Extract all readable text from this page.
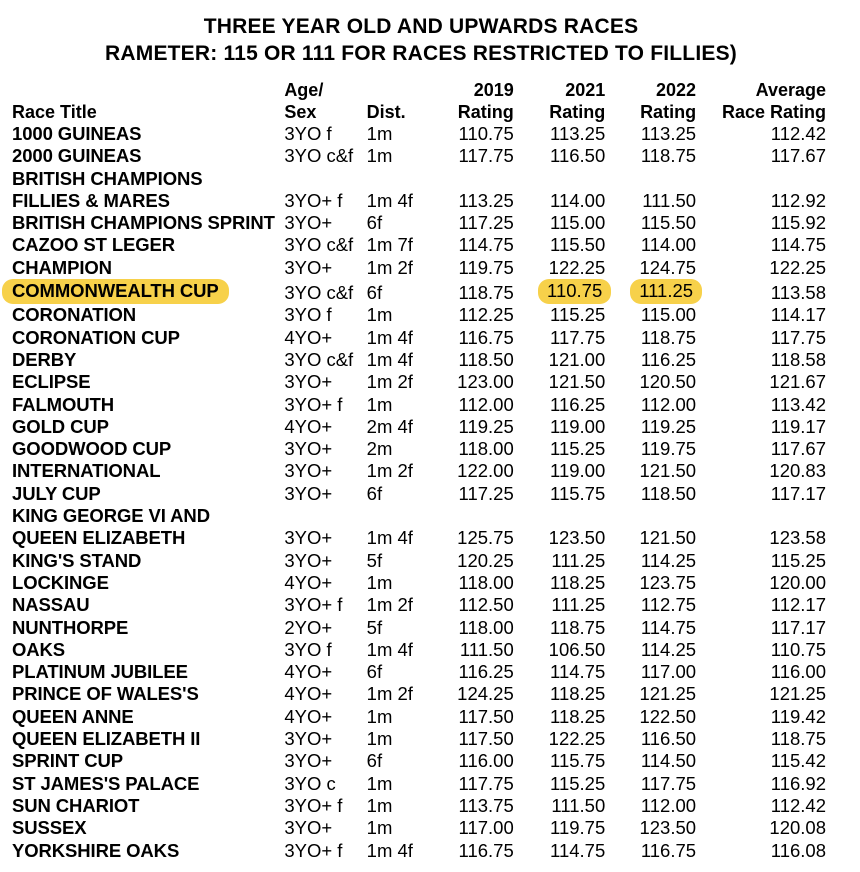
THREE YEAR OLD AND UPWARDS RACES
RAMETER: 115 OR 111 FOR RACES RESTRICTED TO FILLIES)
	Age/		2019	2021	2022	Average
Race Title	Sex	Dist.	Rating	Rating	Rating	Race Rating
1000 GUINEAS	3YO f	1m	110.75	113.25	113.25	112.42
2000 GUINEAS	3YO c&f	1m	117.75	116.50	118.75	117.67
BRITISH CHAMPIONS						
FILLIES & MARES	3YO+ f	1m 4f	113.25	114.00	111.50	112.92
BRITISH CHAMPIONS SPRINT	3YO+	6f	117.25	115.00	115.50	115.92
CAZOO ST LEGER	3YO c&f	1m 7f	114.75	115.50	114.00	114.75
CHAMPION	3YO+	1m 2f	119.75	122.25	124.75	122.25
COMMONWEALTH CUP	3YO c&f	6f	118.75	110.75	111.25	113.58
CORONATION	3YO f	1m	112.25	115.25	115.00	114.17
CORONATION CUP	4YO+	1m 4f	116.75	117.75	118.75	117.75
DERBY	3YO c&f	1m 4f	118.50	121.00	116.25	118.58
ECLIPSE	3YO+	1m 2f	123.00	121.50	120.50	121.67
FALMOUTH	3YO+ f	1m	112.00	116.25	112.00	113.42
GOLD CUP	4YO+	2m 4f	119.25	119.00	119.25	119.17
GOODWOOD CUP	3YO+	2m	118.00	115.25	119.75	117.67
INTERNATIONAL	3YO+	1m 2f	122.00	119.00	121.50	120.83
JULY CUP	3YO+	6f	117.25	115.75	118.50	117.17
KING GEORGE VI AND						
QUEEN ELIZABETH	3YO+	1m 4f	125.75	123.50	121.50	123.58
KING'S STAND	3YO+	5f	120.25	111.25	114.25	115.25
LOCKINGE	4YO+	1m	118.00	118.25	123.75	120.00
NASSAU	3YO+ f	1m 2f	112.50	111.25	112.75	112.17
NUNTHORPE	2YO+	5f	118.00	118.75	114.75	117.17
OAKS	3YO f	1m 4f	111.50	106.50	114.25	110.75
PLATINUM JUBILEE	4YO+	6f	116.25	114.75	117.00	116.00
PRINCE OF WALES'S	4YO+	1m 2f	124.25	118.25	121.25	121.25
QUEEN ANNE	4YO+	1m	117.50	118.25	122.50	119.42
QUEEN ELIZABETH II	3YO+	1m	117.50	122.25	116.50	118.75
SPRINT CUP	3YO+	6f	116.00	115.75	114.50	115.42
ST JAMES'S PALACE	3YO c	1m	117.75	115.25	117.75	116.92
SUN CHARIOT	3YO+ f	1m	113.75	111.50	112.00	112.42
SUSSEX	3YO+	1m	117.00	119.75	123.50	120.08
YORKSHIRE OAKS	3YO+ f	1m 4f	116.75	114.75	116.75	116.08
